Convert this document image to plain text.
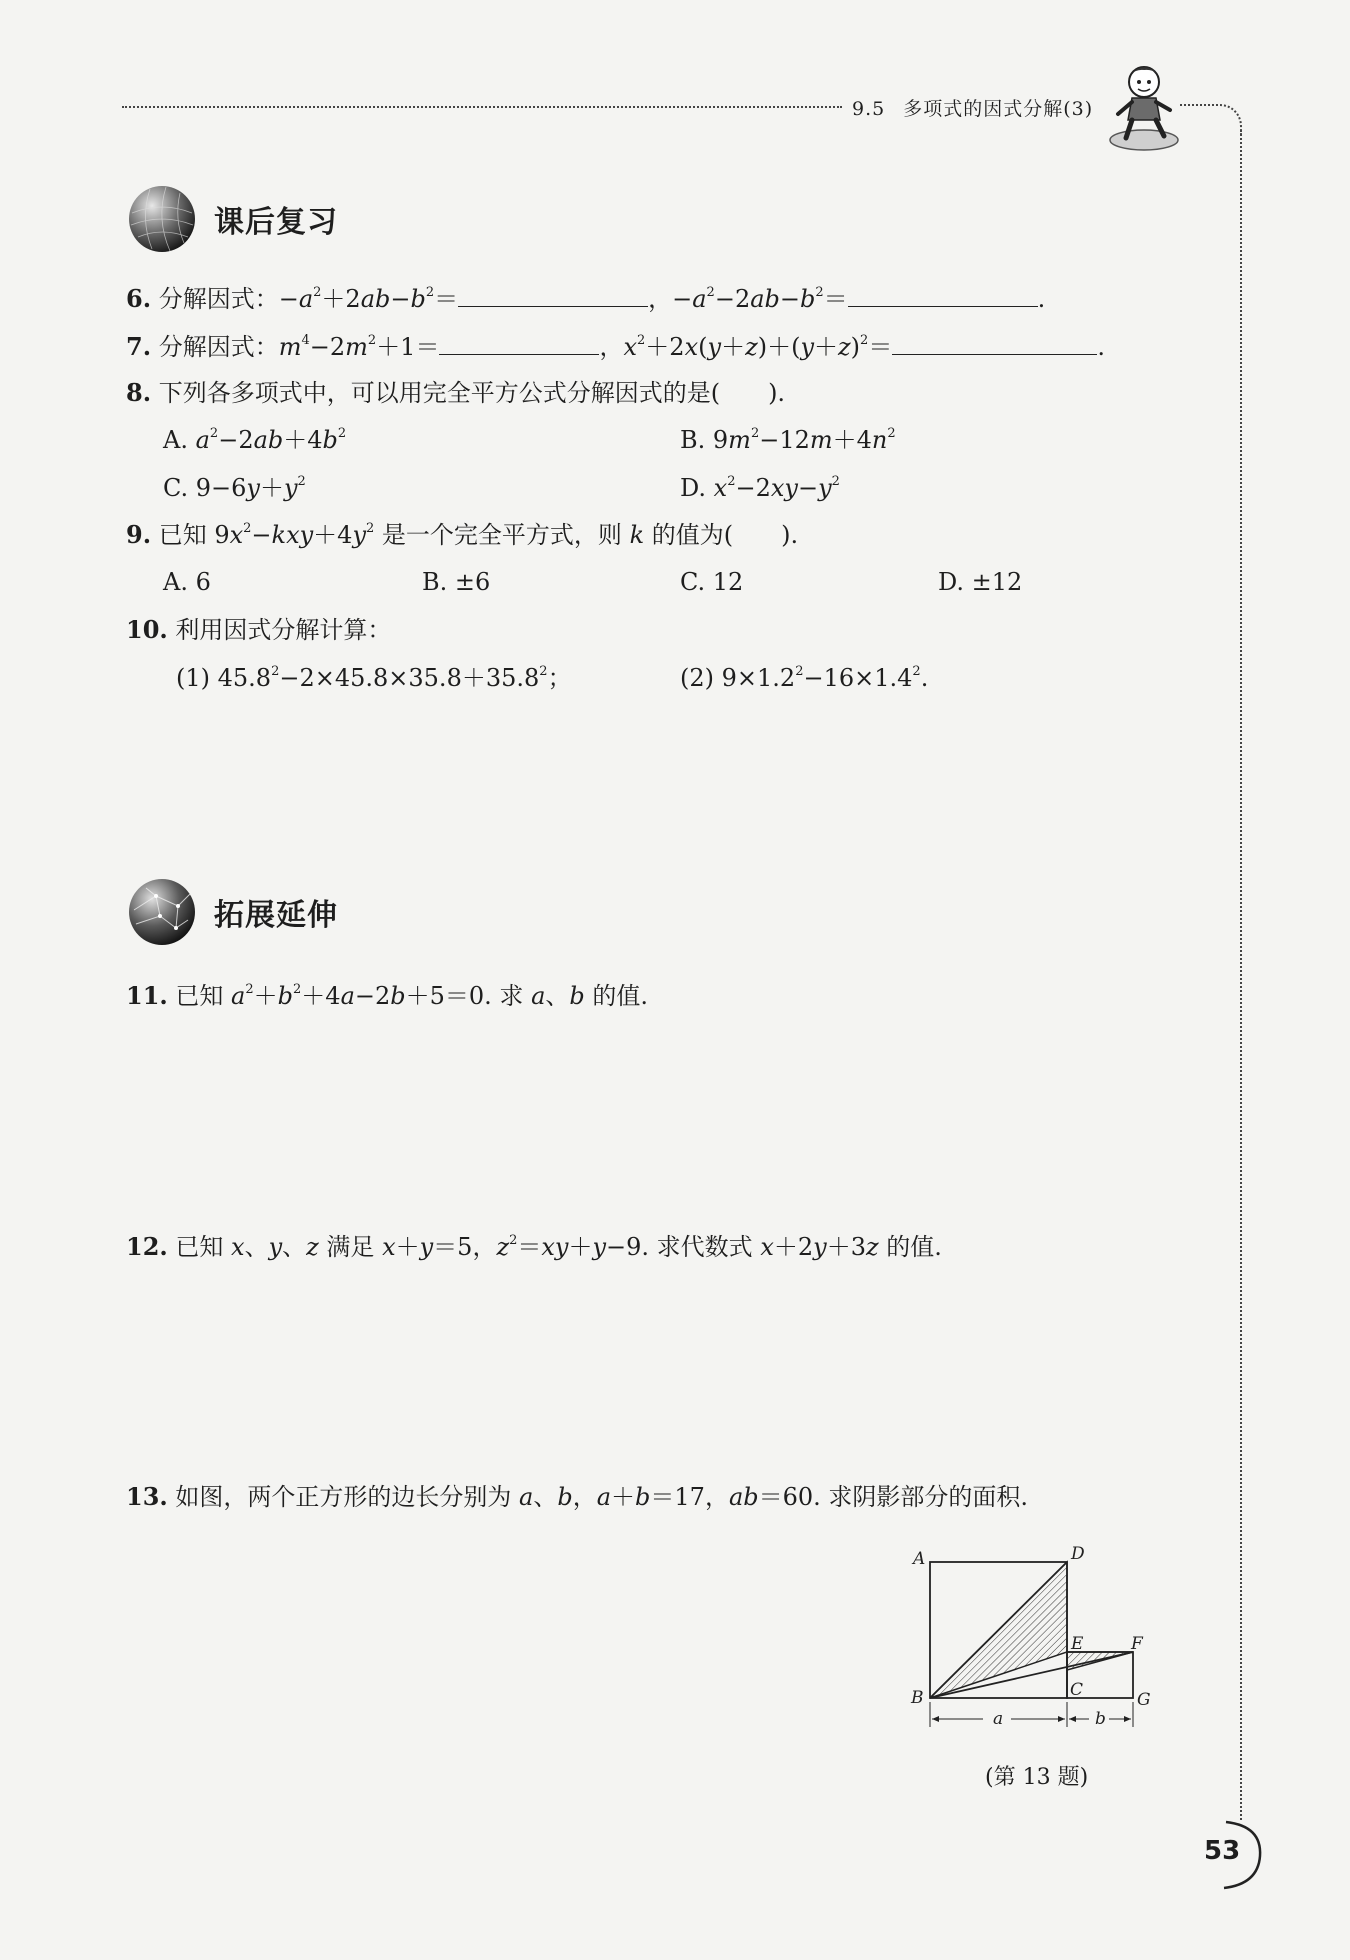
9.5 多项式的因式分解(3)
课后复习
6. 分解因式：$-a^2+2ab-b^2=$	，$-a^2-2ab-b^2=$	.
7. 分解因式：$m^4-2m^2+1=$	，$x^2+2x(y+z)+(y+z)^2=$	.
8. 下列各多项式中，可以用完全平方公式分解因式的是(　　).
A. $a^2-2ab+4b^2$	B. $9m^2-12m+4n^2$
C. $9-6y+y^2$	D. $x^2-2xy-y^2$
9. 已知 $9x^2-kxy+4y^2$ 是一个完全平方式，则 k 的值为(　　).
A. 6	B. ±6	C. 12	D. ±12
10. 利用因式分解计算：
(1) $45.8^2-2\times 45.8\times 35.8+35.8^2$；	(2) $9\times 1.2^2-16\times 1.4^2$.
拓展延伸
11. 已知 $a^2+b^2+4a-2b+5=0$. 求 a、b 的值.
12. 已知 x、y、z 满足 x＋y＝5，$z^2=xy+y-9$. 求代数式 x＋2y＋3z 的值.
13. 如图，两个正方形的边长分别为 a、b，a＋b＝17，ab＝60. 求阴影部分的面积.
A
B	C
D
E	F
G
a	b
(第 13 题)
53
